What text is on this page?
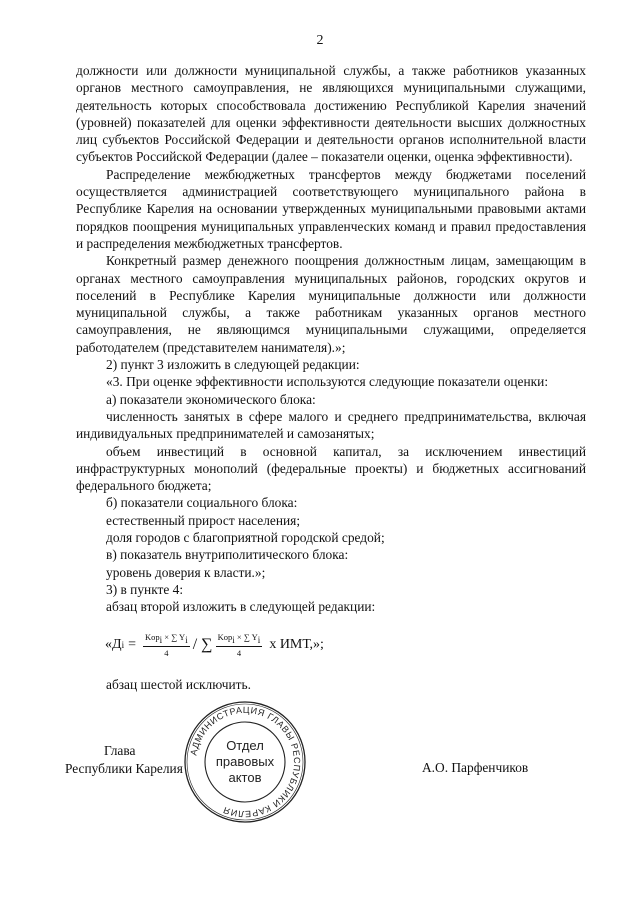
2

должности или должности муниципальной службы, а также работников указанных органов местного самоуправления, не являющихся муниципальными служащими, деятельность которых способствовала достижению Республикой Карелия значений (уровней) показателей для оценки эффективности деятельности высших должностных лиц субъектов Российской Федерации и деятельности органов исполнительной власти субъектов Российской Федерации (далее – показатели оценки, оценка эффективности).

Распределение межбюджетных трансфертов между бюджетами поселений осуществляется администрацией соответствующего муниципального района в Республике Карелия на основании утвержденных муниципальными правовыми актами порядков поощрения муниципальных управленческих команд и правил предоставления и распределения межбюджетных трансфертов.

Конкретный размер денежного поощрения должностным лицам, замещающим в органах местного самоуправления муниципальных районов, городских округов и поселений в Республике Карелия муниципальные должности или должности муниципальной службы, а также работникам указанных органов местного самоуправления, не являющимся муниципальными служащими, определяется работодателем (представителем нанимателя).»;

2) пункт 3 изложить в следующей редакции:

«3. При оценке эффективности используются следующие показатели оценки:

а) показатели экономического блока:

численность занятых в сфере малого и среднего предпринимательства, включая индивидуальных предпринимателей и самозанятых;

объем инвестиций в основной капитал, за исключением инвестиций инфраструктурных монополий (федеральные проекты) и бюджетных ассигнований федерального бюджета;

б) показатели социального блока:

естественный прирост населения;

доля городов с благоприятной городской средой;

в) показатель внутриполитического блока:

уровень доверия к власти.»;

3) в пункте 4:

абзац второй изложить в следующей редакции:

«Д $i = \frac{\text{Kopi × ∑ Yi}}{4}$ / ∑ $\frac{\text{Kopi × ∑ Yi}}{4}$ х ИМТ,»;
абзац шестой исключить.
Глава
Республики Карелия
АДМИНИСТРАЦИЯ ГЛАВЫ РЕСПУБЛИКИ КАРЕЛИЯ
Отдел
правовых
актов
А.О. Парфенчиков
